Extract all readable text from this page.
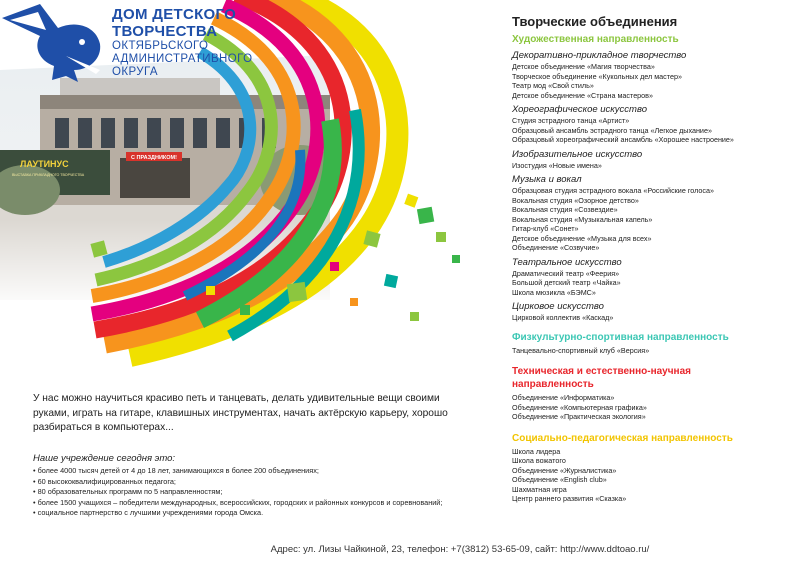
ЛАУТИНУС
ВЫСТАВКА ПРИКЛАДНОГО ТВОРЧЕСТВА
С ПРАЗДНИКОМ!
ДОМ ДЕТСКОГО
ТВОРЧЕСТВА
ОКТЯБРЬСКОГО
АДМИНИСТРАТИВНОГО
ОКРУГА
Творческие объединения
Художественная направленность
Декоративно-прикладное творчество
Детское объединение «Магия творчества»
Творческое объединение «Кукольных дел мастер»
Театр мод «Свой стиль»
Детское объединение «Страна мастеров»
Хореографическое искусство
Студия эстрадного танца «Артист»
Образцовый ансамбль эстрадного танца «Легкое дыхание»
Образцовый хореографический ансамбль «Хорошее настроение»
Изобразительное искусство
Изостудия «Новые имена»
Музыка и вокал
Образцовая студия эстрадного вокала «Российские голоса»
Вокальная студия «Озорное детство»
Вокальная студия «Созвездие»
Вокальная студия «Музыкальная капель»
Гитар-клуб «Сонет»
Детское объединение «Музыка для всех»
Объединение «Созвучие»
Театральное искусство
Драматический театр «Феерия»
Большой детский театр «Чайка»
Школа мюзикла «БЭМС»
Цирковое искусство
Цирковой коллектив «Каскад»
Физкультурно-спортивная направленность
Танцевально-спортивный клуб «Версия»
Техническая и естественно-научная направленность
Объединение «Информатика»
Объединение «Компьютерная графика»
Объединение «Практическая экология»
Социально-педагогическая направленность
Школа лидера
Школа вожатого
Объединение «Журналистика»
Объединение «English club»
Шахматная игра
Центр раннего развития «Сказка»
У нас можно научиться красиво петь и танцевать, делать удивительные вещи своими руками, играть на гитаре, клавишных инструментах, начать актёрскую карьеру, хорошо разбираться в компьютерах...
Наше учреждение сегодня это:
• более 4000 тысяч детей от 4 до 18 лет, занимающихся в более 200 объединениях;
• 60 высококвалифицированных педагога;
• 80 образовательных программ по 5 направленностям;
• более 1500 учащихся – победители международных, всероссийских, городских и районных конкурсов и соревнований;
• социальное партнерство с лучшими учреждениями города Омска.
Адрес: ул. Лизы Чайкиной, 23, телефон: +7(3812) 53-65-09, сайт: http://www.ddtoao.ru/
